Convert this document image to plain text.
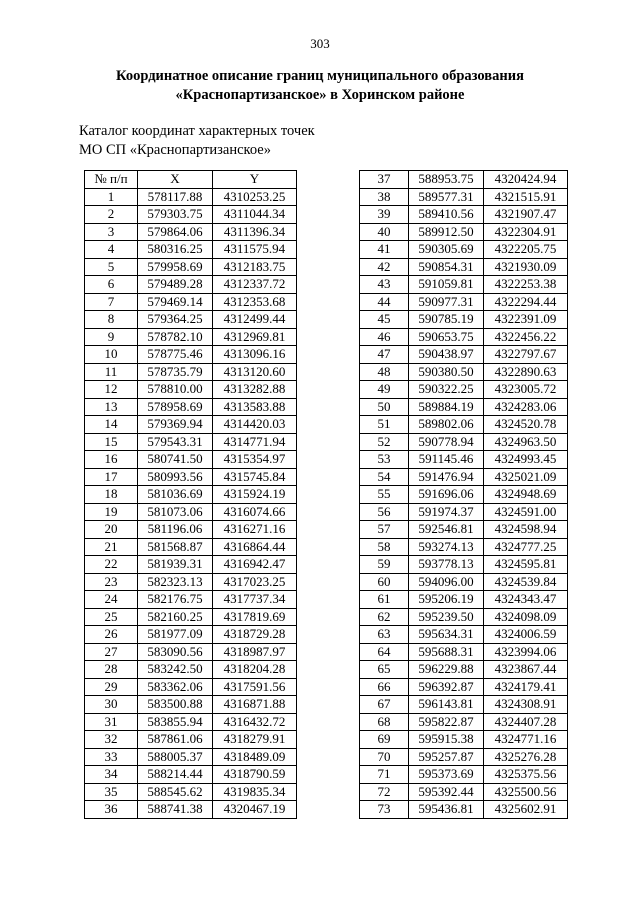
303
Координатное описание границ муниципального образования
«Краснопартизанское» в Хоринском районе
Каталог координат характерных точек
МО СП «Краснопартизанское»
№ п/п	X	Y
1	578117.88	4310253.25
2	579303.75	4311044.34
3	579864.06	4311396.34
4	580316.25	4311575.94
5	579958.69	4312183.75
6	579489.28	4312337.72
7	579469.14	4312353.68
8	579364.25	4312499.44
9	578782.10	4312969.81
10	578775.46	4313096.16
11	578735.79	4313120.60
12	578810.00	4313282.88
13	578958.69	4313583.88
14	579369.94	4314420.03
15	579543.31	4314771.94
16	580741.50	4315354.97
17	580993.56	4315745.84
18	581036.69	4315924.19
19	581073.06	4316074.66
20	581196.06	4316271.16
21	581568.87	4316864.44
22	581939.31	4316942.47
23	582323.13	4317023.25
24	582176.75	4317737.34
25	582160.25	4317819.69
26	581977.09	4318729.28
27	583090.56	4318987.97
28	583242.50	4318204.28
29	583362.06	4317591.56
30	583500.88	4316871.88
31	583855.94	4316432.72
32	587861.06	4318279.91
33	588005.37	4318489.09
34	588214.44	4318790.59
35	588545.62	4319835.34
36	588741.38	4320467.19
37	588953.75	4320424.94
38	589577.31	4321515.91
39	589410.56	4321907.47
40	589912.50	4322304.91
41	590305.69	4322205.75
42	590854.31	4321930.09
43	591059.81	4322253.38
44	590977.31	4322294.44
45	590785.19	4322391.09
46	590653.75	4322456.22
47	590438.97	4322797.67
48	590380.50	4322890.63
49	590322.25	4323005.72
50	589884.19	4324283.06
51	589802.06	4324520.78
52	590778.94	4324963.50
53	591145.46	4324993.45
54	591476.94	4325021.09
55	591696.06	4324948.69
56	591974.37	4324591.00
57	592546.81	4324598.94
58	593274.13	4324777.25
59	593778.13	4324595.81
60	594096.00	4324539.84
61	595206.19	4324343.47
62	595239.50	4324098.09
63	595634.31	4324006.59
64	595688.31	4323994.06
65	596229.88	4323867.44
66	596392.87	4324179.41
67	596143.81	4324308.91
68	595822.87	4324407.28
69	595915.38	4324771.16
70	595257.87	4325276.28
71	595373.69	4325375.56
72	595392.44	4325500.56
73	595436.81	4325602.91
